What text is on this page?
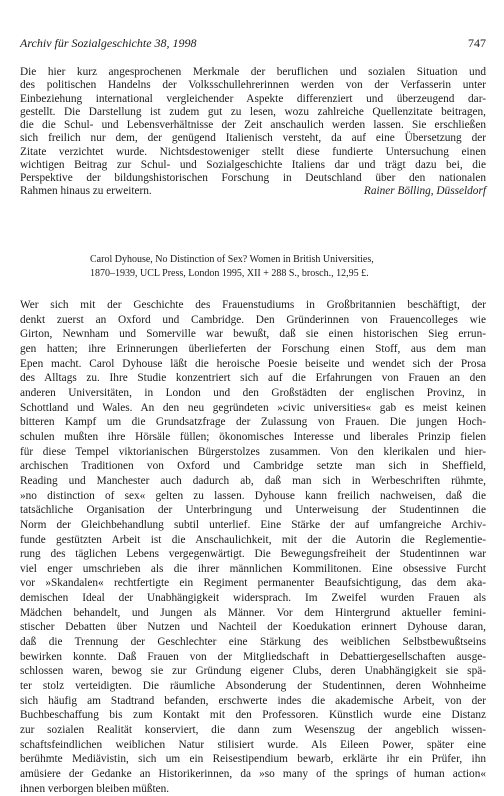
Archiv für Sozialgeschichte 38, 1998	747
Die hier kurz angesprochenen Merkmale der beruflichen und sozialen Situation und
des politischen Handelns der Volksschullehrerinnen werden von der Verfasserin unter
Einbeziehung international vergleichender Aspekte differenziert und überzeugend dar-
gestellt. Die Darstellung ist zudem gut zu lesen, wozu zahlreiche Quellenzitate beitragen,
die die Schul- und Lebensverhältnisse der Zeit anschaulich werden lassen. Sie erschließen
sich freilich nur dem, der genügend Italienisch versteht, da auf eine Übersetzung der
Zitate verzichtet wurde. Nichtsdestoweniger stellt diese fundierte Untersuchung einen
wichtigen Beitrag zur Schul- und Sozialgeschichte Italiens dar und trägt dazu bei, die
Perspektive der bildungshistorischen Forschung in Deutschland über den nationalen
Rahmen hinaus zu erweitern.	Rainer Bölling, Düsseldorf
Carol Dyhouse, No Distinction of Sex? Women in British Universities,
1870–1939, UCL Press, London 1995, XII + 288 S., brosch., 12,95 £.
Wer sich mit der Geschichte des Frauenstudiums in Großbritannien beschäftigt, der
denkt zuerst an Oxford und Cambridge. Den Gründerinnen von Frauencolleges wie
Girton, Newnham und Somerville war bewußt, daß sie einen historischen Sieg errun-
gen hatten; ihre Erinnerungen überlieferten der Forschung einen Stoff, aus dem man
Epen macht. Carol Dyhouse läßt die heroische Poesie beiseite und wendet sich der Prosa
des Alltags zu. Ihre Studie konzentriert sich auf die Erfahrungen von Frauen an den
anderen Universitäten, in London und den Großstädten der englischen Provinz, in
Schottland und Wales. An den neu gegründeten »civic universities« gab es meist keinen
bitteren Kampf um die Grundsatzfrage der Zulassung von Frauen. Die jungen Hoch-
schulen mußten ihre Hörsäle füllen; ökonomisches Interesse und liberales Prinzip fielen
für diese Tempel viktorianischen Bürgerstolzes zusammen. Von den klerikalen und hier-
archischen Traditionen von Oxford und Cambridge setzte man sich in Sheffield,
Reading und Manchester auch dadurch ab, daß man sich in Werbeschriften rühmte,
»no distinction of sex« gelten zu lassen. Dyhouse kann freilich nachweisen, daß die
tatsächliche Organisation der Unterbringung und Unterweisung der Studentinnen die
Norm der Gleichbehandlung subtil unterlief. Eine Stärke der auf umfangreiche Archiv-
funde gestützten Arbeit ist die Anschaulichkeit, mit der die Autorin die Reglementie-
rung des täglichen Lebens vergegenwärtigt. Die Bewegungsfreiheit der Studentinnen war
viel enger umschrieben als die ihrer männlichen Kommilitonen. Eine obsessive Furcht
vor »Skandalen« rechtfertigte ein Regiment permanenter Beaufsichtigung, das dem aka-
demischen Ideal der Unabhängigkeit widersprach. Im Zweifel wurden Frauen als
Mädchen behandelt, und Jungen als Männer. Vor dem Hintergrund aktueller femini-
stischer Debatten über Nutzen und Nachteil der Koedukation erinnert Dyhouse daran,
daß die Trennung der Geschlechter eine Stärkung des weiblichen Selbstbewußtseins
bewirken konnte. Daß Frauen von der Mitgliedschaft in Debattiergesellschaften ausge-
schlossen waren, bewog sie zur Gründung eigener Clubs, deren Unabhängigkeit sie spä-
ter stolz verteidigten. Die räumliche Absonderung der Studentinnen, deren Wohnheime
sich häufig am Stadtrand befanden, erschwerte indes die akademische Arbeit, von der
Buchbeschaffung bis zum Kontakt mit den Professoren. Künstlich wurde eine Distanz
zur sozialen Realität konserviert, die dann zum Wesenszug der angeblich wissen-
schaftsfeindlichen weiblichen Natur stilisiert wurde. Als Eileen Power, später eine
berühmte Mediävistin, sich um ein Reisestipendium bewarb, erklärte ihr ein Prüfer, ihn
amüsiere der Gedanke an Historikerinnen, da »so many of the springs of human action«
ihnen verborgen bleiben müßten.
